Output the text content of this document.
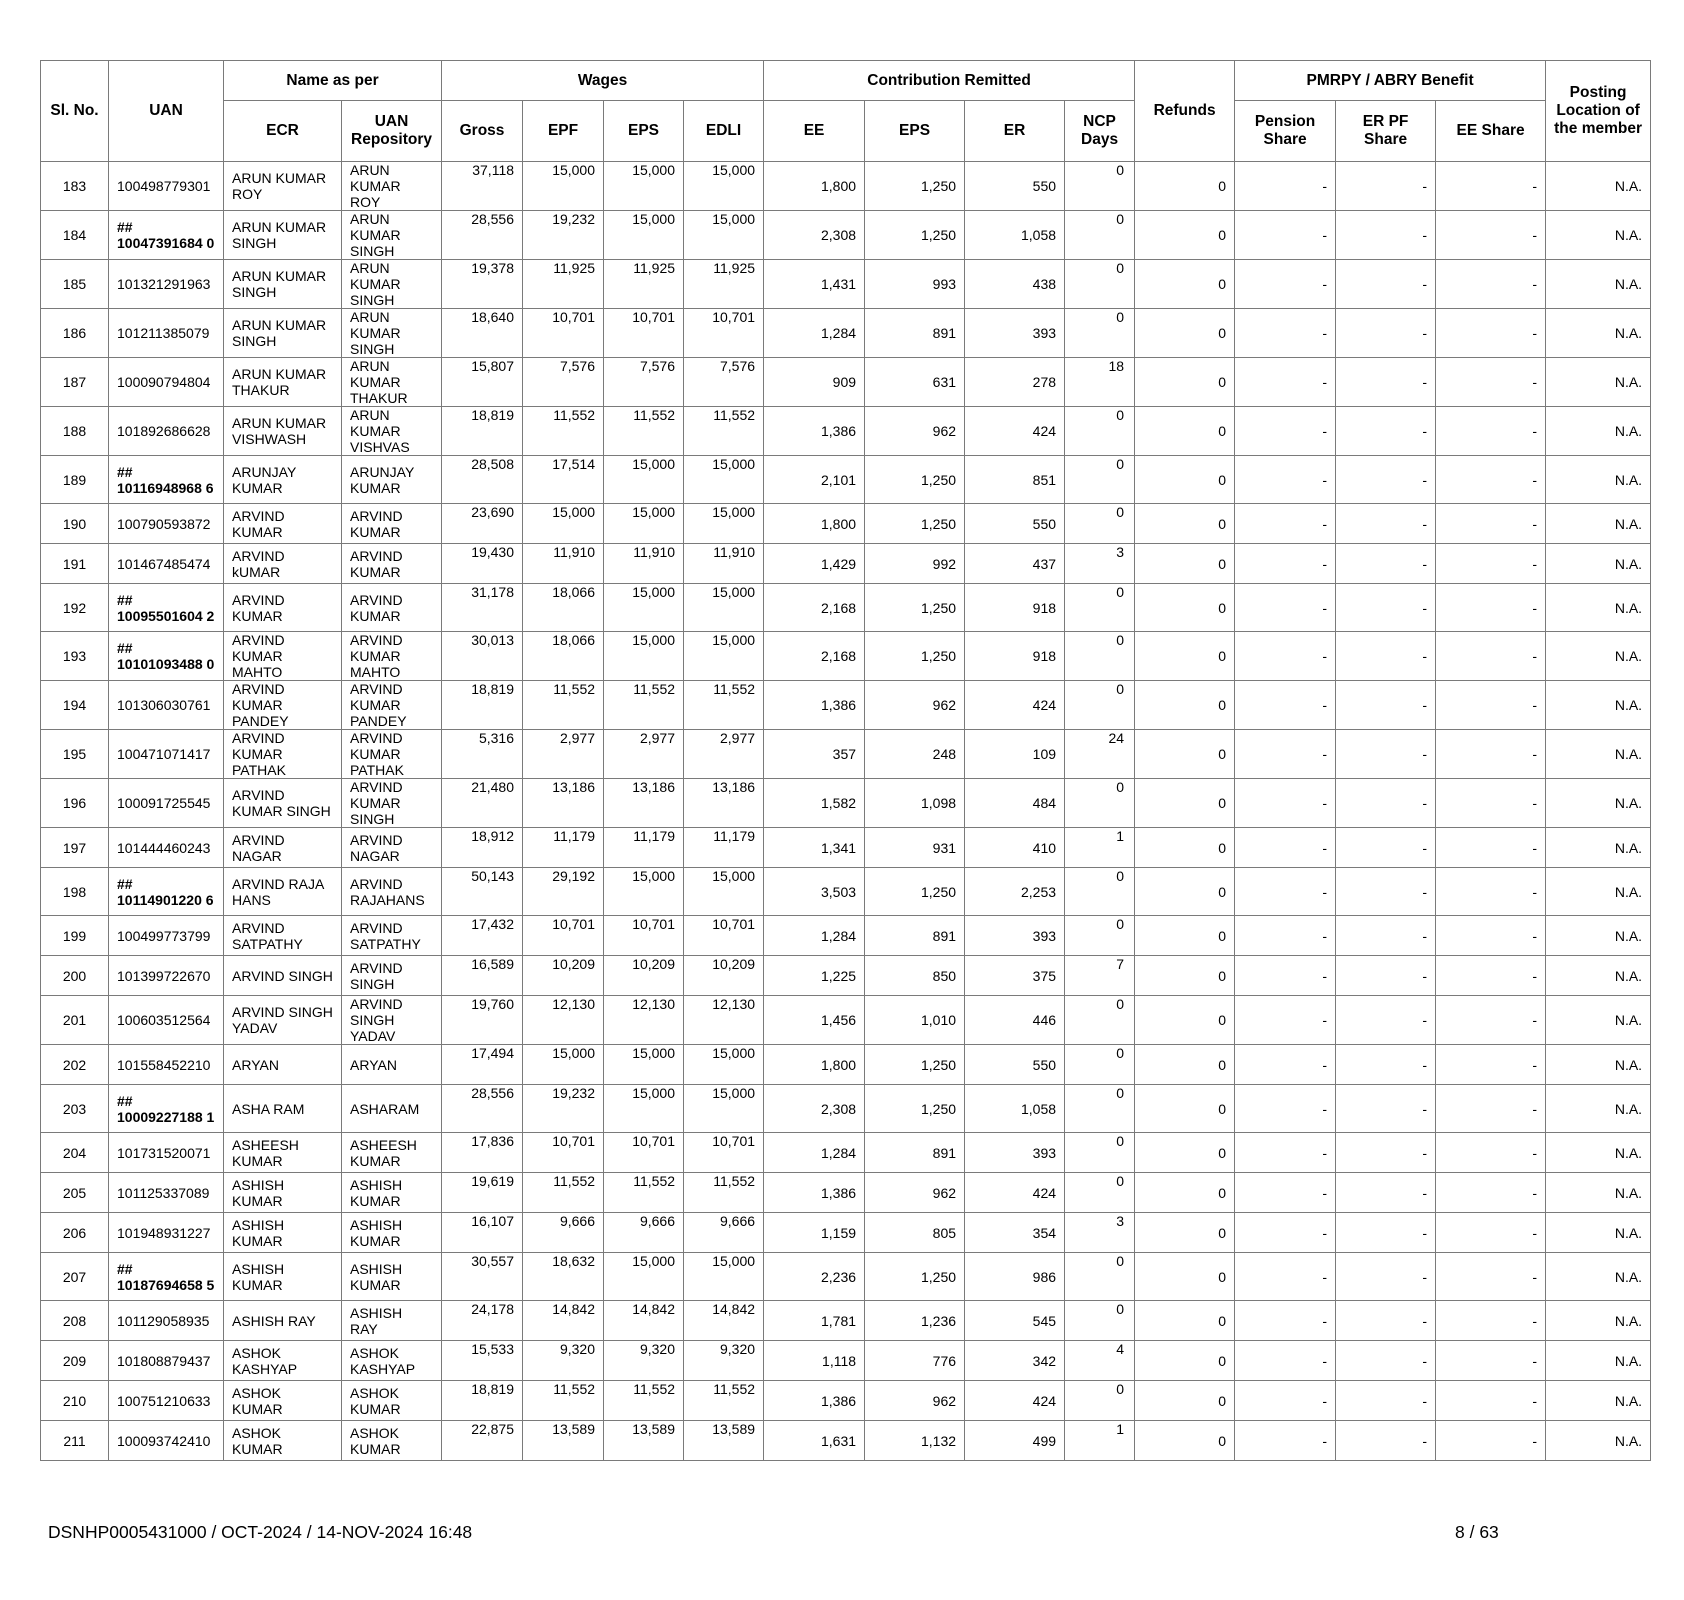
Sl. No.	UAN	Name as per		Wages				Contribution Remitted				Refunds	PMRPY / ABRY Benefit			Posting Location of the member
		ECR	UAN Repository	Gross	EPF	EPS	EDLI	EE	EPS	ER	NCP Days		Pension Share	ER PF Share	EE Share	
183	100498779301	ARUN KUMAR ROY	ARUN KUMAR ROY	37,118	15,000	15,000	15,000	1,800	1,250	550	0	0	-	-	-	N.A.
184	## 10047391684 0	ARUN KUMAR SINGH	ARUN KUMAR SINGH	28,556	19,232	15,000	15,000	2,308	1,250	1,058	0	0	-	-	-	N.A.
185	101321291963	ARUN KUMAR SINGH	ARUN KUMAR SINGH	19,378	11,925	11,925	11,925	1,431	993	438	0	0	-	-	-	N.A.
186	101211385079	ARUN KUMAR SINGH	ARUN KUMAR SINGH	18,640	10,701	10,701	10,701	1,284	891	393	0	0	-	-	-	N.A.
187	100090794804	ARUN KUMAR THAKUR	ARUN KUMAR THAKUR	15,807	7,576	7,576	7,576	909	631	278	18	0	-	-	-	N.A.
188	101892686628	ARUN KUMAR VISHWASH	ARUN KUMAR VISHVAS	18,819	11,552	11,552	11,552	1,386	962	424	0	0	-	-	-	N.A.
189	## 10116948968 6	ARUNJAY KUMAR	ARUNJAY KUMAR	28,508	17,514	15,000	15,000	2,101	1,250	851	0	0	-	-	-	N.A.
190	100790593872	ARVIND KUMAR	ARVIND KUMAR	23,690	15,000	15,000	15,000	1,800	1,250	550	0	0	-	-	-	N.A.
191	101467485474	ARVIND kUMAR	ARVIND KUMAR	19,430	11,910	11,910	11,910	1,429	992	437	3	0	-	-	-	N.A.
192	## 10095501604 2	ARVIND KUMAR	ARVIND KUMAR	31,178	18,066	15,000	15,000	2,168	1,250	918	0	0	-	-	-	N.A.
193	## 10101093488 0	ARVIND KUMAR MAHTO	ARVIND KUMAR MAHTO	30,013	18,066	15,000	15,000	2,168	1,250	918	0	0	-	-	-	N.A.
194	101306030761	ARVIND KUMAR PANDEY	ARVIND KUMAR PANDEY	18,819	11,552	11,552	11,552	1,386	962	424	0	0	-	-	-	N.A.
195	100471071417	ARVIND KUMAR PATHAK	ARVIND KUMAR PATHAK	5,316	2,977	2,977	2,977	357	248	109	24	0	-	-	-	N.A.
196	100091725545	ARVIND KUMAR SINGH	ARVIND KUMAR SINGH	21,480	13,186	13,186	13,186	1,582	1,098	484	0	0	-	-	-	N.A.
197	101444460243	ARVIND NAGAR	ARVIND NAGAR	18,912	11,179	11,179	11,179	1,341	931	410	1	0	-	-	-	N.A.
198	## 10114901220 6	ARVIND RAJA HANS	ARVIND RAJAHANS	50,143	29,192	15,000	15,000	3,503	1,250	2,253	0	0	-	-	-	N.A.
199	100499773799	ARVIND SATPATHY	ARVIND SATPATHY	17,432	10,701	10,701	10,701	1,284	891	393	0	0	-	-	-	N.A.
200	101399722670	ARVIND SINGH	ARVIND SINGH	16,589	10,209	10,209	10,209	1,225	850	375	7	0	-	-	-	N.A.
201	100603512564	ARVIND SINGH YADAV	ARVIND SINGH YADAV	19,760	12,130	12,130	12,130	1,456	1,010	446	0	0	-	-	-	N.A.
202	101558452210	ARYAN	ARYAN	17,494	15,000	15,000	15,000	1,800	1,250	550	0	0	-	-	-	N.A.
203	## 10009227188 1	ASHA RAM	ASHARAM	28,556	19,232	15,000	15,000	2,308	1,250	1,058	0	0	-	-	-	N.A.
204	101731520071	ASHEESH KUMAR	ASHEESH KUMAR	17,836	10,701	10,701	10,701	1,284	891	393	0	0	-	-	-	N.A.
205	101125337089	ASHISH KUMAR	ASHISH KUMAR	19,619	11,552	11,552	11,552	1,386	962	424	0	0	-	-	-	N.A.
206	101948931227	ASHISH KUMAR	ASHISH KUMAR	16,107	9,666	9,666	9,666	1,159	805	354	3	0	-	-	-	N.A.
207	## 10187694658 5	ASHISH KUMAR	ASHISH KUMAR	30,557	18,632	15,000	15,000	2,236	1,250	986	0	0	-	-	-	N.A.
208	101129058935	ASHISH RAY	ASHISH RAY	24,178	14,842	14,842	14,842	1,781	1,236	545	0	0	-	-	-	N.A.
209	101808879437	ASHOK KASHYAP	ASHOK KASHYAP	15,533	9,320	9,320	9,320	1,118	776	342	4	0	-	-	-	N.A.
210	100751210633	ASHOK KUMAR	ASHOK KUMAR	18,819	11,552	11,552	11,552	1,386	962	424	0	0	-	-	-	N.A.
211	100093742410	ASHOK KUMAR	ASHOK KUMAR	22,875	13,589	13,589	13,589	1,631	1,132	499	1	0	-	-	-	N.A.
DSNHP0005431000 / OCT-2024 / 14-NOV-2024 16:48	8 / 63
